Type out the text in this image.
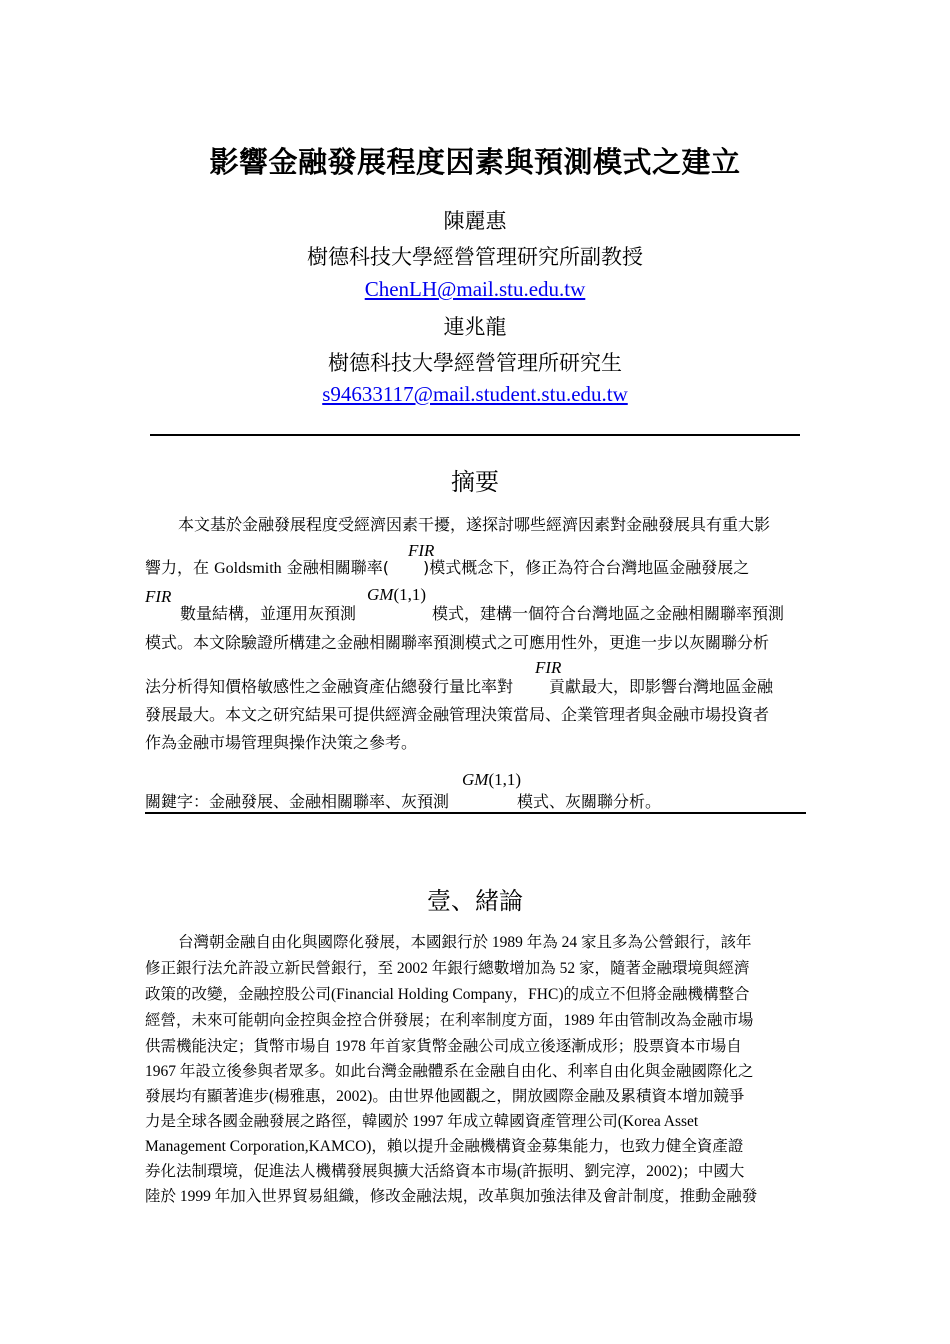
影響金融發展程度因素與預測模式之建立
陳麗惠
樹德科技大學經營管理研究所副教授
ChenLH@mail.stu.edu.tw
連兆龍
樹德科技大學經營管理所研究生
s94633117@mail.student.stu.edu.tw
摘要
本文基於金融發展程度受經濟因素干擾，遂探討哪些經濟因素對金融發展具有重大影
FIR
響力，在 Goldsmith 金融相關聯率( )模式概念下，修正為符合台灣地區金融發展之
FIR	GM(1,1)
數量結構，並運用灰預測	模式，建構一個符合台灣地區之金融相關聯率預測
模式。本文除驗證所構建之金融相關聯率預測模式之可應用性外，更進一步以灰關聯分析
FIR
法分析得知價格敏感性之金融資產佔總發行量比率對 貢獻最大，即影響台灣地區金融
發展最大。本文之研究結果可提供經濟金融管理決策當局、企業管理者與金融市場投資者
作為金融市場管理與操作決策之參考。
GM(1,1)
關鍵字：金融發展、金融相關聯率、灰預測	模式、灰關聯分析。
壹、緒論
台灣朝金融自由化與國際化發展，本國銀行於 1989 年為 24 家且多為公營銀行，該年
修正銀行法允許設立新民營銀行，至 2002 年銀行總數增加為 52 家，隨著金融環境與經濟
政策的改變，金融控股公司(Financial Holding Company，FHC)的成立不但將金融機構整合
經營，未來可能朝向金控與金控合併發展；在利率制度方面，1989 年由管制改為金融市場
供需機能決定；貨幣市場自 1978 年首家貨幣金融公司成立後逐漸成形；股票資本市場自
1967 年設立後參與者眾多。如此台灣金融體系在金融自由化、利率自由化與金融國際化之
發展均有顯著進步(楊雅惠，2002)。由世界他國觀之，開放國際金融及累積資本增加競爭
力是全球各國金融發展之路徑，韓國於 1997 年成立韓國資產管理公司(Korea Asset
Management Corporation,KAMCO)，賴以提升金融機構資金募集能力，也致力健全資產證
券化法制環境，促進法人機構發展與擴大活絡資本市場(許振明、劉完淳，2002)；中國大
陸於 1999 年加入世界貿易組織，修改金融法規，改革與加強法律及會計制度，推動金融發
